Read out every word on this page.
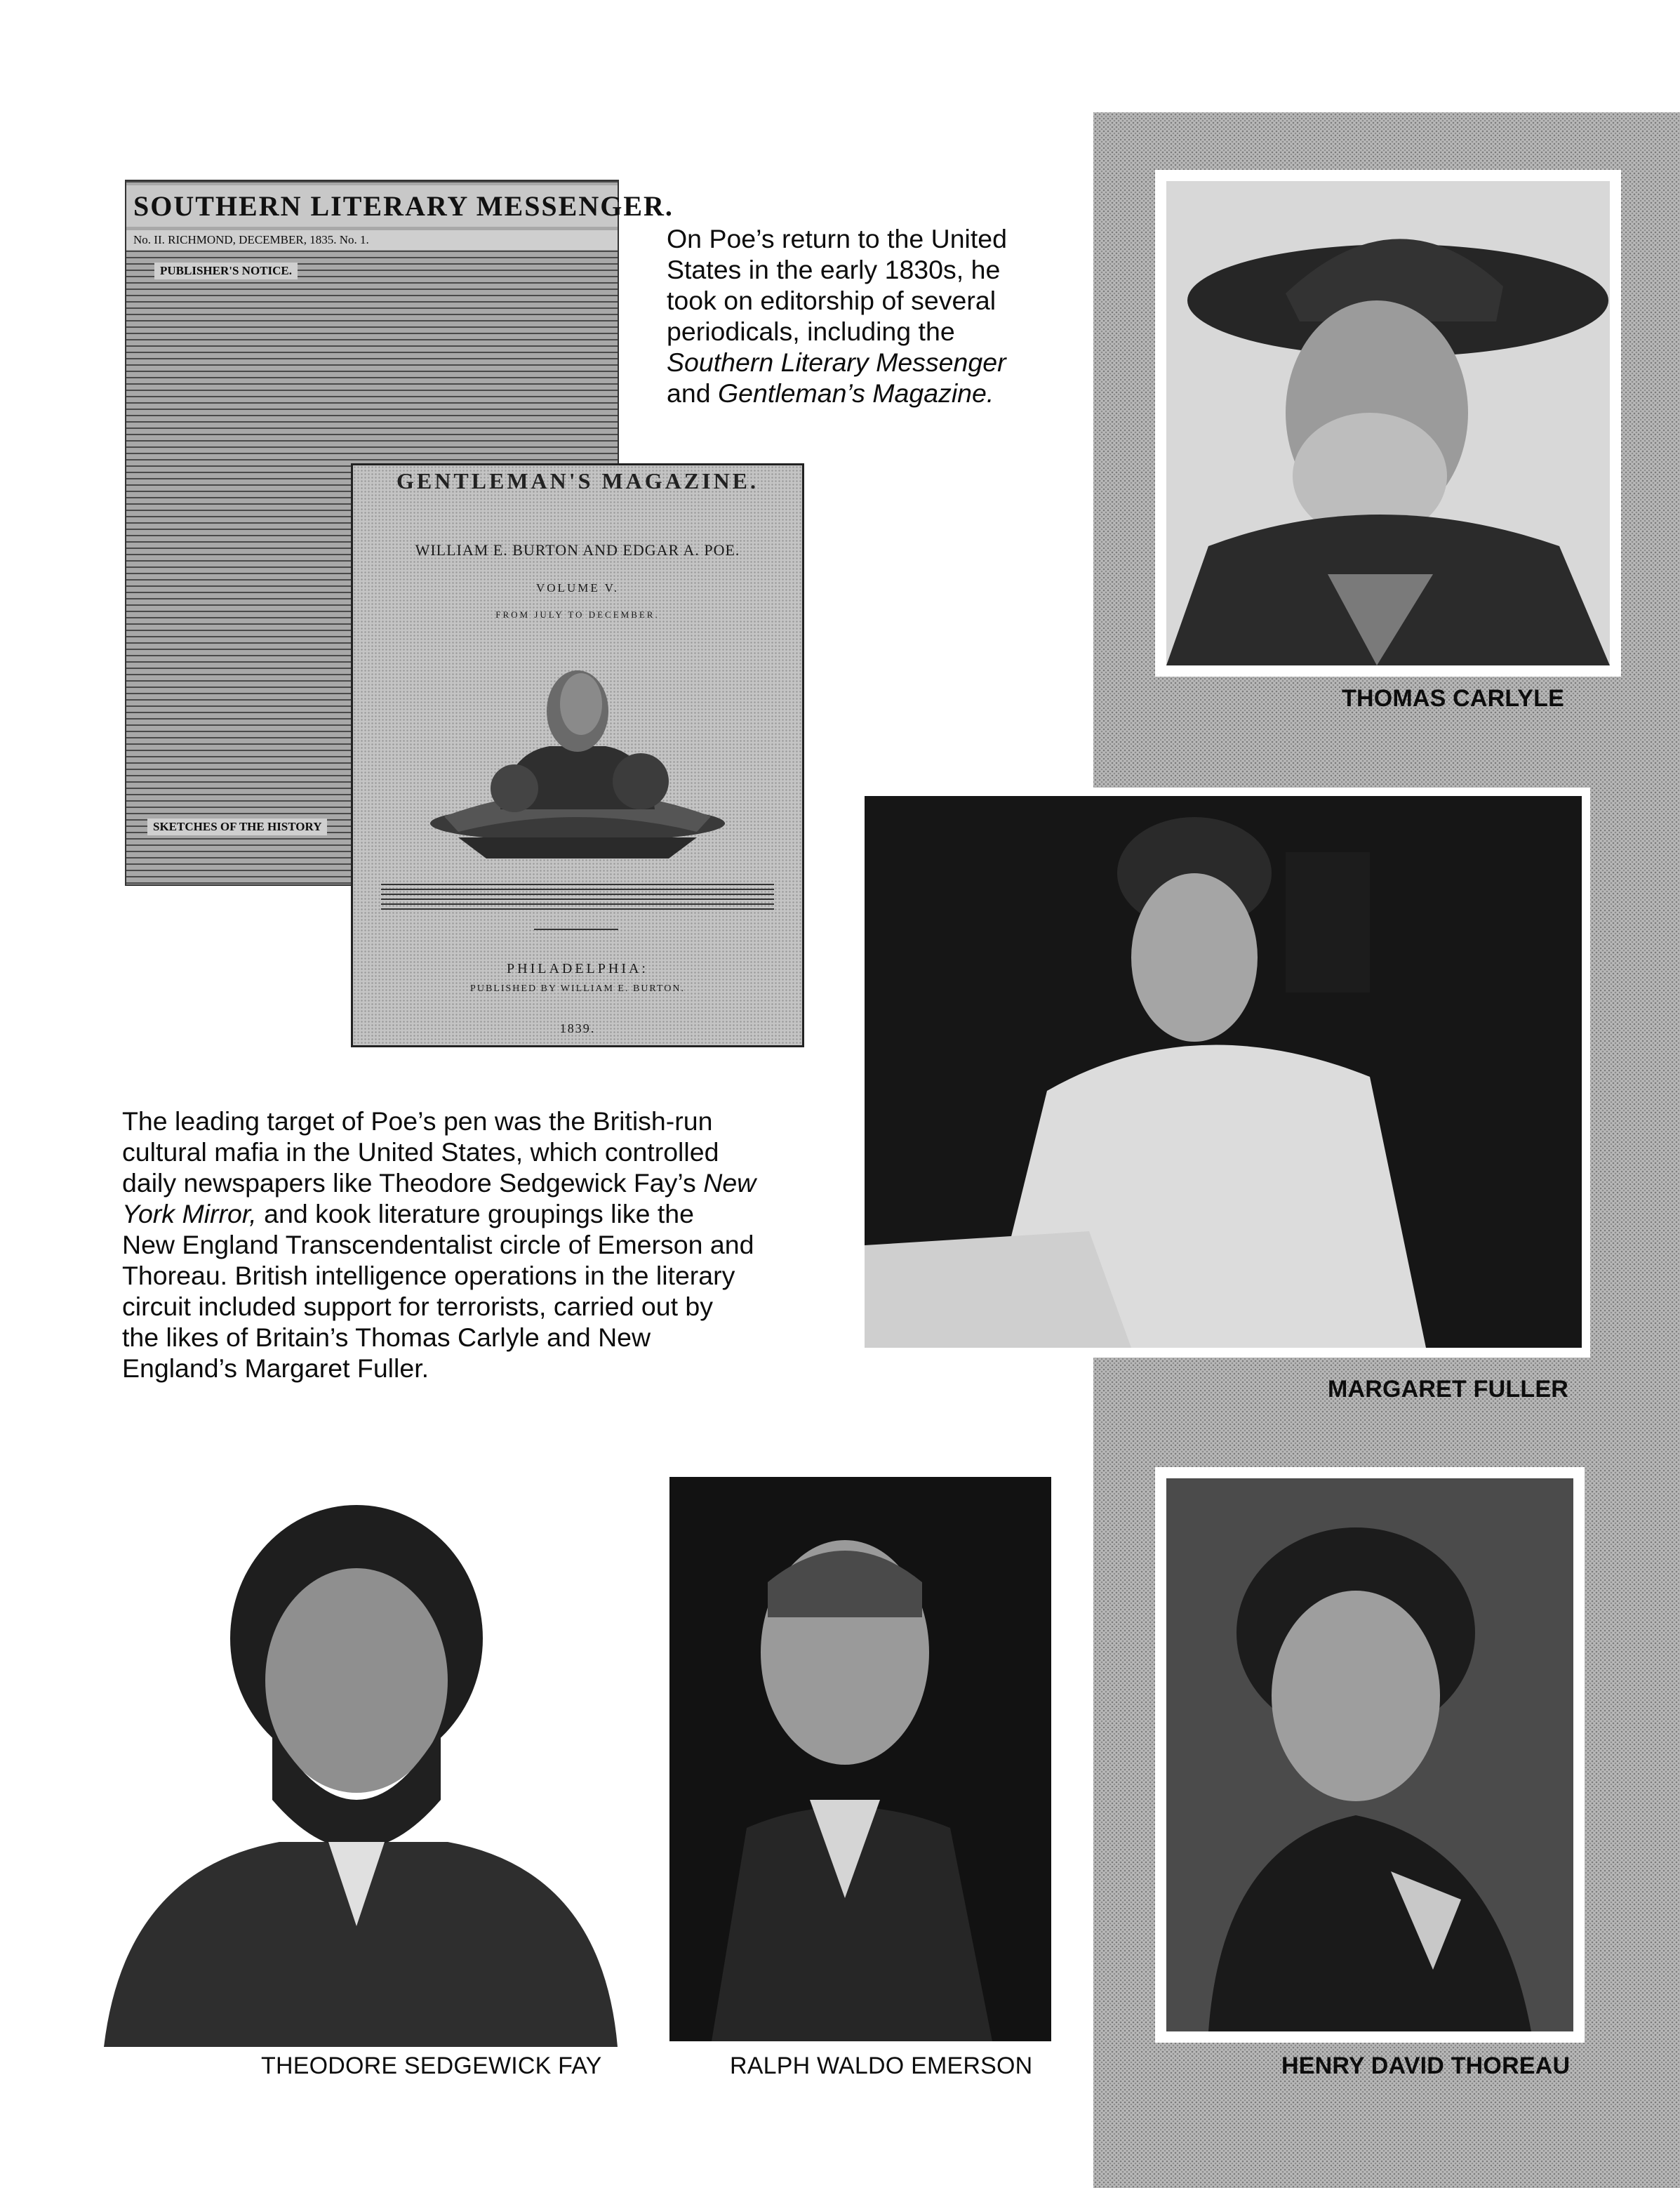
SOUTHERN LITERARY MESSENGER.
No. II. RICHMOND, DECEMBER, 1835. No. 1.
PUBLISHER'S NOTICE.
SKETCHES OF THE HISTORY
GENTLEMAN'S MAGAZINE.
WILLIAM E. BURTON AND EDGAR A. POE.
VOLUME V.
FROM JULY TO DECEMBER.
PHILADELPHIA:
PUBLISHED BY WILLIAM E. BURTON.
1839.
On Poe’s return to the United
States in the early 1830s, he
took on editorship of several
periodicals, including the
Southern Literary Messenger
and Gentleman’s Magazine.
The leading target of Poe’s pen was the British-run
cultural mafia in the United States, which controlled
daily newspapers like Theodore Sedgewick Fay’s New
York Mirror, and kook literature groupings like the
New England Transcendentalist circle of Emerson and
Thoreau. British intelligence operations in the literary
circuit included support for terrorists, carried out by
the likes of Britain’s Thomas Carlyle and New
England’s Margaret Fuller.
THOMAS CARLYLE
MARGARET FULLER
THEODORE SEDGEWICK FAY	RALPH WALDO EMERSON	HENRY DAVID THOREAU
